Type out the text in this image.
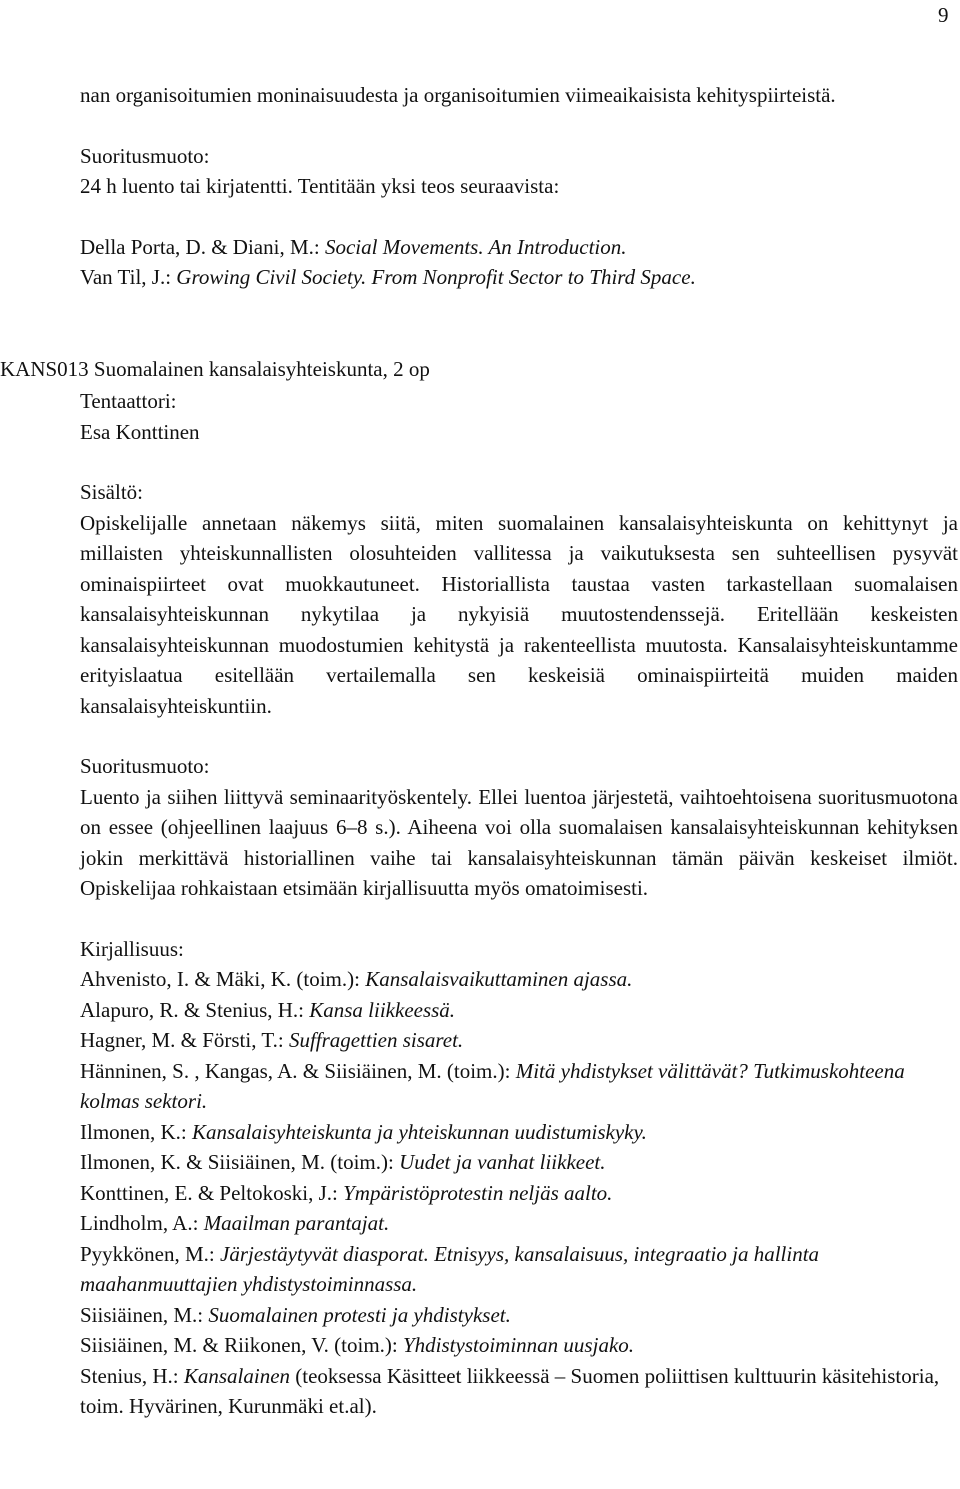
9

nan organisoitumien moninaisuudesta ja organisoitumien viimeaikaisista kehityspiirteistä.

Suoritusmuoto:

24 h luento tai kirjatentti. Tentitään yksi teos seuraavista:

Della Porta, D. & Diani, M.: Social Movements. An Introduction.

Van Til, J.: Growing Civil Society. From Nonprofit Sector to Third Space.

KANS013 Suomalainen kansalaisyhteiskunta, 2 op

Tentaattori:

Esa Konttinen

Sisältö:

Opiskelijalle annetaan näkemys siitä, miten suomalainen kansalaisyhteiskunta on kehittynyt ja millaisten yhteiskunnallisten olosuhteiden vallitessa ja vaikutuksesta sen suhteellisen pysyvät ominaispiirteet ovat muokkautuneet. Historiallista taustaa vasten tarkastellaan suomalaisen kansalaisyhteiskunnan nykytilaa ja nykyisiä muutostendenssejä. Eritellään keskeisten kansalaisyhteiskunnan muodostumien kehitystä ja rakenteellista muutosta. Kansalaisyhteiskuntamme erityislaatua esitellään vertailemalla sen keskeisiä ominaispiirteitä muiden maiden kansalaisyhteiskuntiin.

Suoritusmuoto:

Luento ja siihen liittyvä seminaarityöskentely. Ellei luentoa järjestetä, vaihtoehtoisena suoritusmuotona on essee (ohjeellinen laajuus 6–8 s.). Aiheena voi olla suomalaisen kansalaisyhteiskunnan kehityksen jokin merkittävä historiallinen vaihe tai kansalaisyhteiskunnan tämän päivän keskeiset ilmiöt. Opiskelijaa rohkaistaan etsimään kirjallisuutta myös omatoimisesti.

Kirjallisuus:

Ahvenisto, I. & Mäki, K. (toim.): Kansalaisvaikuttaminen ajassa.

Alapuro, R. & Stenius, H.: Kansa liikkeessä.

Hagner, M. & Försti, T.: Suffragettien sisaret.

Hänninen, S. , Kangas, A. & Siisiäinen, M. (toim.): Mitä yhdistykset välittävät? Tutkimuskohteena kolmas sektori.

Ilmonen, K.: Kansalaisyhteiskunta ja yhteiskunnan uudistumiskyky.

Ilmonen, K. & Siisiäinen, M. (toim.): Uudet ja vanhat liikkeet.

Konttinen, E. & Peltokoski, J.: Ympäristöprotestin neljäs aalto.

Lindholm, A.: Maailman parantajat.

Pyykkönen, M.: Järjestäytyvät diasporat. Etnisyys, kansalaisuus, integraatio ja hallinta maahanmuuttajien yhdistystoiminnassa.

Siisiäinen, M.: Suomalainen protesti ja yhdistykset.

Siisiäinen, M. & Riikonen, V. (toim.): Yhdistystoiminnan uusjako.

Stenius, H.: Kansalainen (teoksessa Käsitteet liikkeessä – Suomen poliittisen kulttuurin käsitehistoria, toim. Hyvärinen, Kurunmäki et.al).
